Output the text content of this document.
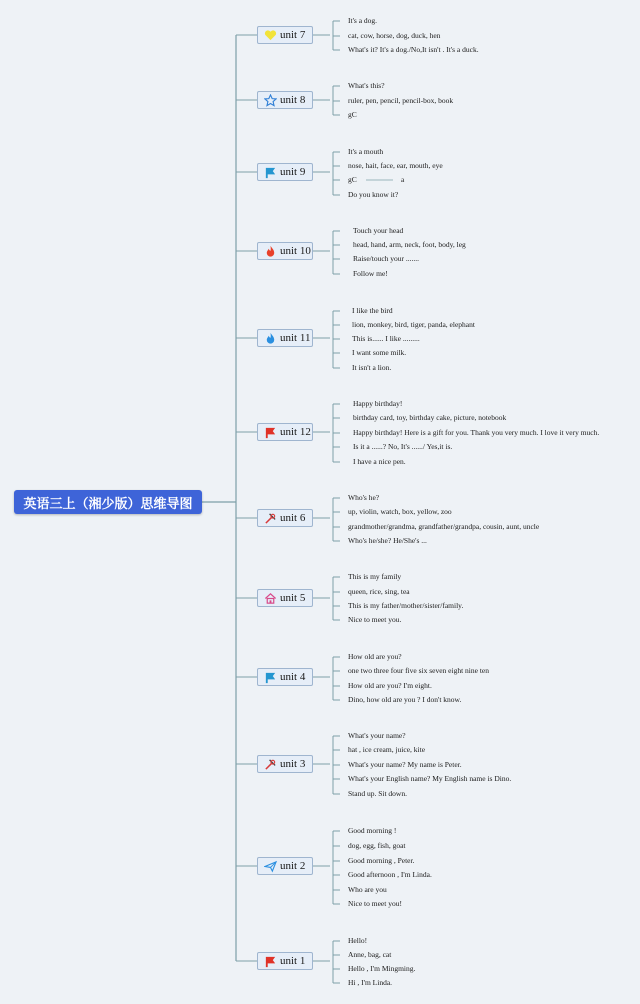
英语三上（湘少版）思维导图
unit 7
It's a dog.
cat, cow, horse, dog, duck, hen
What's it? It's a dog./No,It isn't . It's a duck.
unit 8
What's this?
ruler, pen, pencil, pencil-box, book
gC
unit 9
It's a mouth
nose, hait, face, ear, mouth, eye
gC
Do you know it?
a
unit 10
Touch your head
head, hand, arm, neck, foot, body, leg
Raise/touch your .......
Follow me!
unit 11
I like the bird
lion, monkey, bird, tiger, panda, elephant
This is...... I like .........
I want some milk.
It isn't a lion.
unit 12
Happy birthday!
birthday card, toy, birthday cake, picture, notebook
Happy birthday! Here is a gift for you. Thank you very much. I love it very much.
Is it a ......? No, It's ....../ Yes,it is.
I have a nice pen.
unit 6
Who's he?
up, violin, watch, box, yellow, zoo
grandmother/grandma, grandfather/grandpa, cousin, aunt, uncle
Who's he/she? He/She's ...
unit 5
This is my family
queen, rice, sing, tea
This is my father/mother/sister/family.
Nice to meet you.
unit 4
How old are you?
one two three four five six seven eight nine ten
How old are you? I'm eight.
Dino, how old are you ? I don't know.
unit 3
What's your name?
hat , ice cream, juice, kite
What's your name? My name is Peter.
What's your English name? My English name is Dino.
Stand up. Sit down.
unit 2
Good morning !
dog, egg, fish, goat
Good morning , Peter.
Good afternoon , I'm Linda.
Who are you
Nice to meet you!
unit 1
Hello!
Anne, bag, cat
Hello , I'm Mingming.
Hi , I'm Linda.
